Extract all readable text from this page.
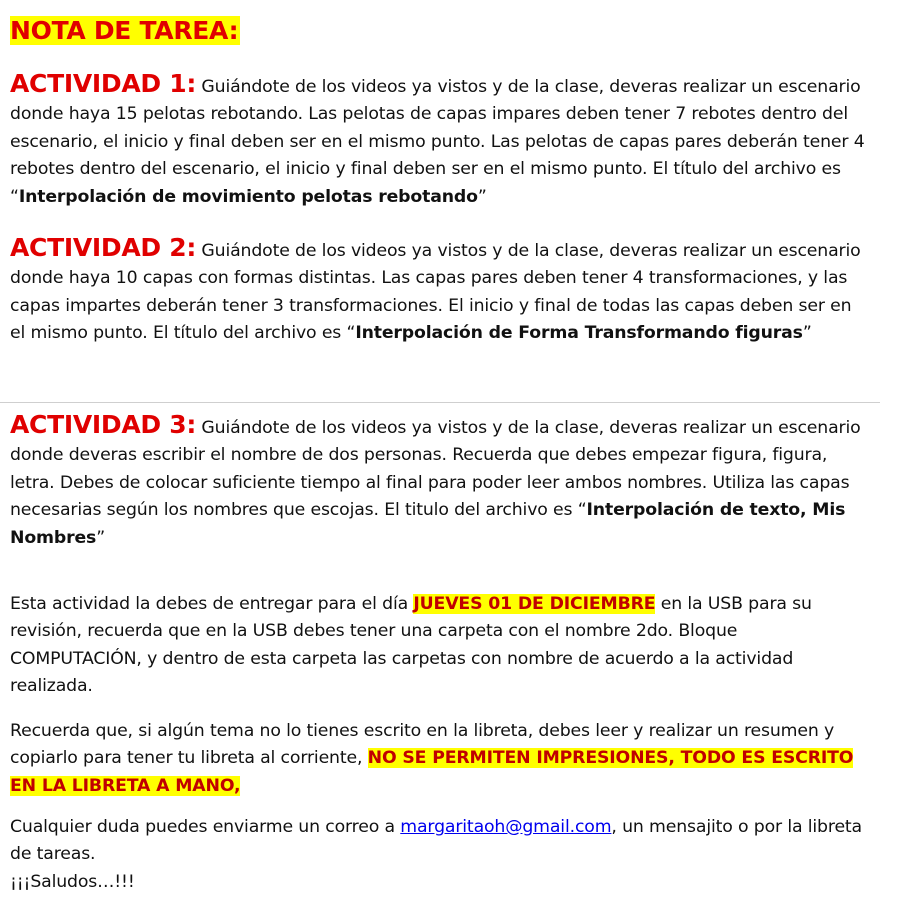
NOTA DE TAREA:

ACTIVIDAD 1: Guiándote de los videos ya vistos y de la clase, deveras realizar un escenario donde haya 15 pelotas rebotando. Las pelotas de capas impares deben tener 7 rebotes dentro del escenario, el inicio y final deben ser en el mismo punto. Las pelotas de capas pares deberán tener 4 rebotes dentro del escenario, el inicio y final deben ser en el mismo punto. El título del archivo es “Interpolación de movimiento pelotas rebotando”

ACTIVIDAD 2: Guiándote de los videos ya vistos y de la clase, deveras realizar un escenario donde haya 10 capas con formas distintas. Las capas pares deben tener 4 transformaciones, y las capas impartes deberán tener 3 transformaciones. El inicio y final de todas las capas deben ser en el mismo punto. El título del archivo es “Interpolación de Forma Transformando figuras”

ACTIVIDAD 3: Guiándote de los videos ya vistos y de la clase, deveras realizar un escenario donde deveras escribir el nombre de dos personas. Recuerda que debes empezar figura, figura, letra. Debes de colocar suficiente tiempo al final para poder leer ambos nombres. Utiliza las capas necesarias según los nombres que escojas. El titulo del archivo es “Interpolación de texto, Mis Nombres”

Esta actividad la debes de entregar para el día JUEVES 01 DE DICIEMBRE en la USB para su revisión, recuerda que en la USB debes tener una carpeta con el nombre 2do. Bloque COMPUTACIÓN, y dentro de esta carpeta las carpetas con nombre de acuerdo a la actividad realizada.

Recuerda que, si algún tema no lo tienes escrito en la libreta, debes leer y realizar un resumen y copiarlo para tener tu libreta al corriente, NO SE PERMITEN IMPRESIONES, TODO ES ESCRITO EN LA LIBRETA A MANO,

Cualquier duda puedes enviarme un correo a margaritaoh@gmail.com, un mensajito o por la libreta de tareas.
¡¡¡Saludos…!!!
